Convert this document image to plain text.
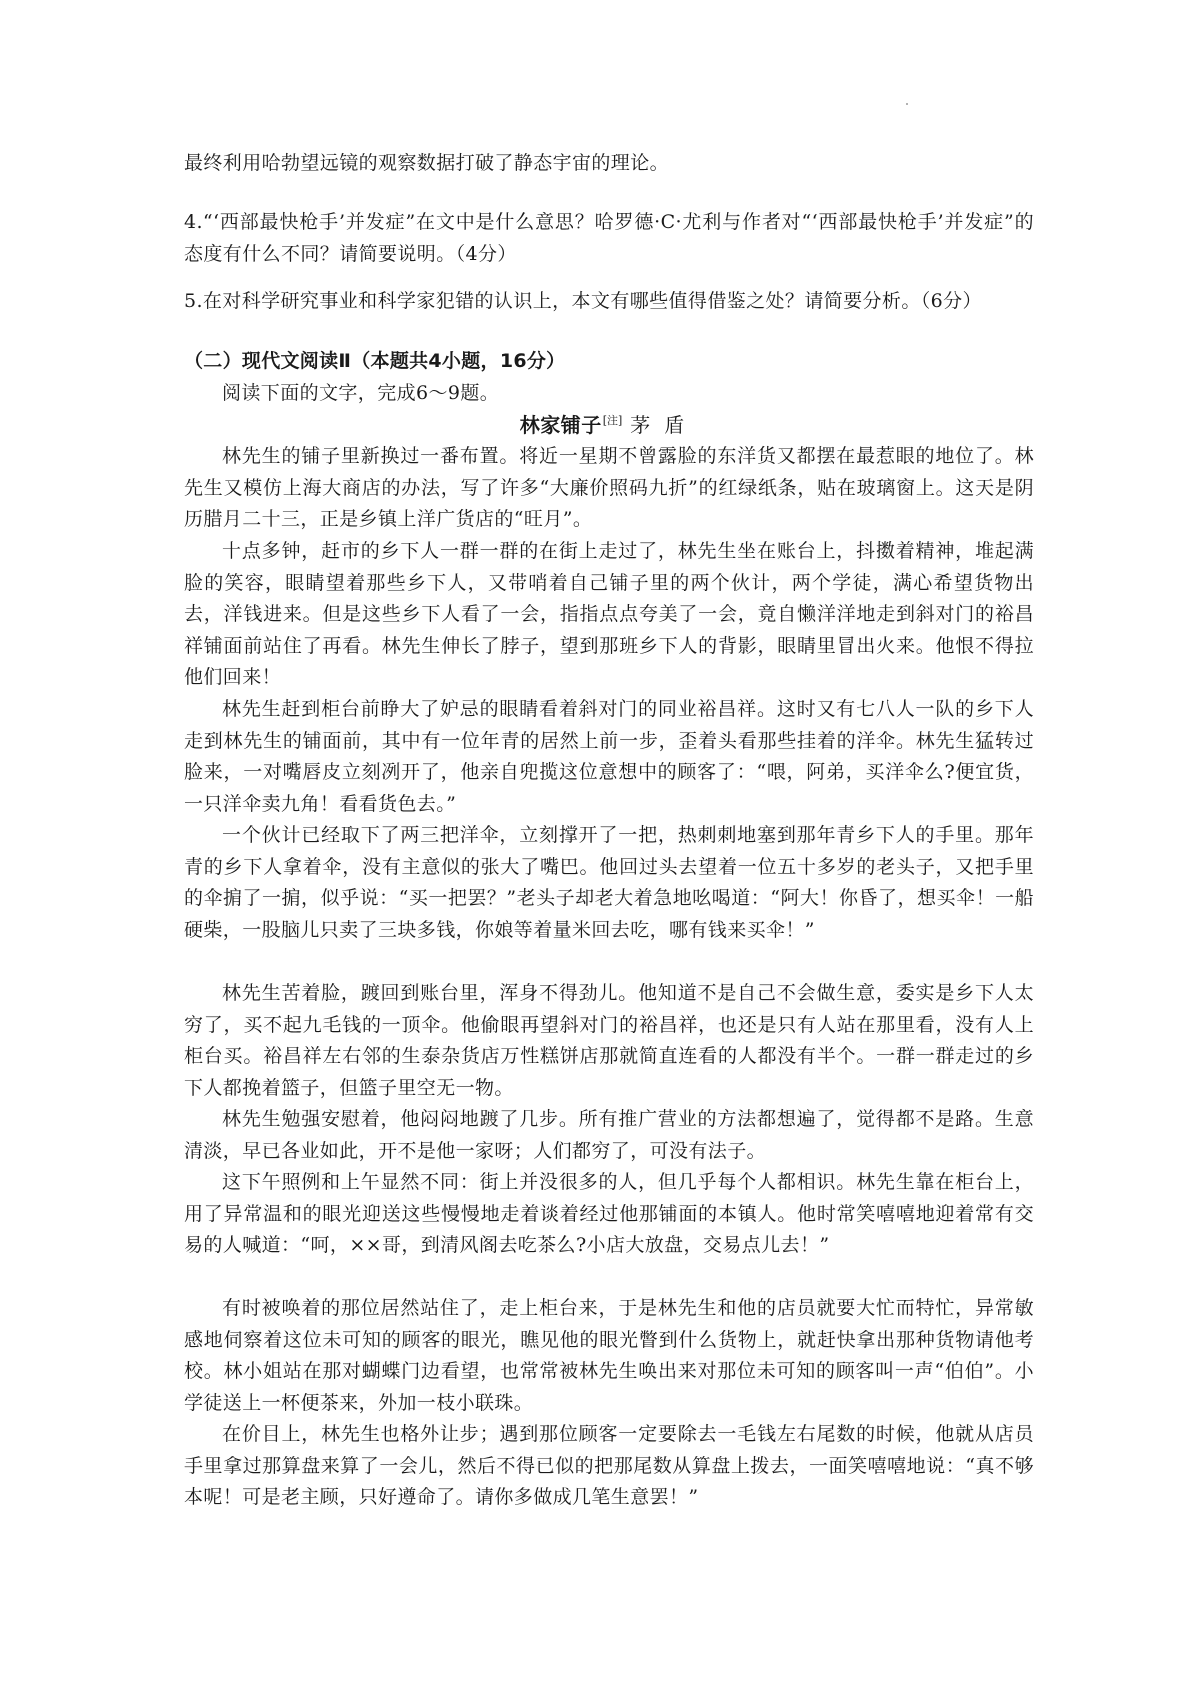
最终利用哈勃望远镜的观察数据打破了静态宇宙的理论。

4.“‘西部最快枪手’并发症”在文中是什么意思？哈罗德·C·尤利与作者对“‘西部最快枪手’并发症”的态度有什么不同？请简要说明。（4分）

5.在对科学研究事业和科学家犯错的认识上，本文有哪些值得借鉴之处？请简要分析。（6分）

（二）现代文阅读Ⅱ（本题共4小题，16分）

阅读下面的文字，完成6～9题。

林家铺子[注] 茅盾

林先生的铺子里新换过一番布置。将近一星期不曾露脸的东洋货又都摆在最惹眼的地位了。林先生又模仿上海大商店的办法，写了许多“大廉价照码九折”的红绿纸条，贴在玻璃窗上。这天是阴历腊月二十三，正是乡镇上洋广货店的“旺月”。

十点多钟，赶市的乡下人一群一群的在街上走过了，林先生坐在账台上，抖擞着精神，堆起满脸的笑容，眼睛望着那些乡下人，又带哨着自己铺子里的两个伙计，两个学徒，满心希望货物出去，洋钱进来。但是这些乡下人看了一会，指指点点夸美了一会，竟自懒洋洋地走到斜对门的裕昌祥铺面前站住了再看。林先生伸长了脖子，望到那班乡下人的背影，眼睛里冒出火来。他恨不得拉他们回来！

林先生赶到柜台前睁大了妒忌的眼睛看着斜对门的同业裕昌祥。这时又有七八人一队的乡下人走到林先生的铺面前，其中有一位年青的居然上前一步，歪着头看那些挂着的洋伞。林先生猛转过脸来，一对嘴唇皮立刻冽开了，他亲自兜揽这位意想中的顾客了：“喂，阿弟，买洋伞么?便宜货，一只洋伞卖九角！看看货色去。”

一个伙计已经取下了两三把洋伞，立刻撑开了一把，热刺刺地塞到那年青乡下人的手里。那年青的乡下人拿着伞，没有主意似的张大了嘴巴。他回过头去望着一位五十多岁的老头子，又把手里的伞掮了一掮，似乎说：“买一把罢？”老头子却老大着急地吆喝道：“阿大！你昏了，想买伞！一船硬柴，一股脑儿只卖了三块多钱，你娘等着量米回去吃，哪有钱来买伞！”

林先生苦着脸，踱回到账台里，浑身不得劲儿。他知道不是自己不会做生意，委实是乡下人太穷了，买不起九毛钱的一顶伞。他偷眼再望斜对门的裕昌祥，也还是只有人站在那里看，没有人上柜台买。裕昌祥左右邻的生泰杂货店万性糕饼店那就简直连看的人都没有半个。一群一群走过的乡下人都挽着篮子，但篮子里空无一物。

林先生勉强安慰着，他闷闷地踱了几步。所有推广营业的方法都想遍了，觉得都不是路。生意清淡，早已各业如此，开不是他一家呀；人们都穷了，可没有法子。

这下午照例和上午显然不同：街上并没很多的人，但几乎每个人都相识。林先生靠在柜台上，用了异常温和的眼光迎送这些慢慢地走着谈着经过他那铺面的本镇人。他时常笑嘻嘻地迎着常有交易的人喊道：“呵，××哥，到清风阁去吃茶么?小店大放盘，交易点儿去！”

有时被唤着的那位居然站住了，走上柜台来，于是林先生和他的店员就要大忙而特忙，异常敏感地伺察着这位未可知的顾客的眼光，瞧见他的眼光瞥到什么货物上，就赶快拿出那种货物请他考校。林小姐站在那对蝴蝶门边看望，也常常被林先生唤出来对那位未可知的顾客叫一声“伯伯”。小学徒送上一杯便茶来，外加一枝小联珠。

在价目上，林先生也格外让步；遇到那位顾客一定要除去一毛钱左右尾数的时候，他就从店员手里拿过那算盘来算了一会儿，然后不得已似的把那尾数从算盘上拨去，一面笑嘻嘻地说：“真不够本呢！可是老主顾，只好遵命了。请你多做成几笔生意罢！”
